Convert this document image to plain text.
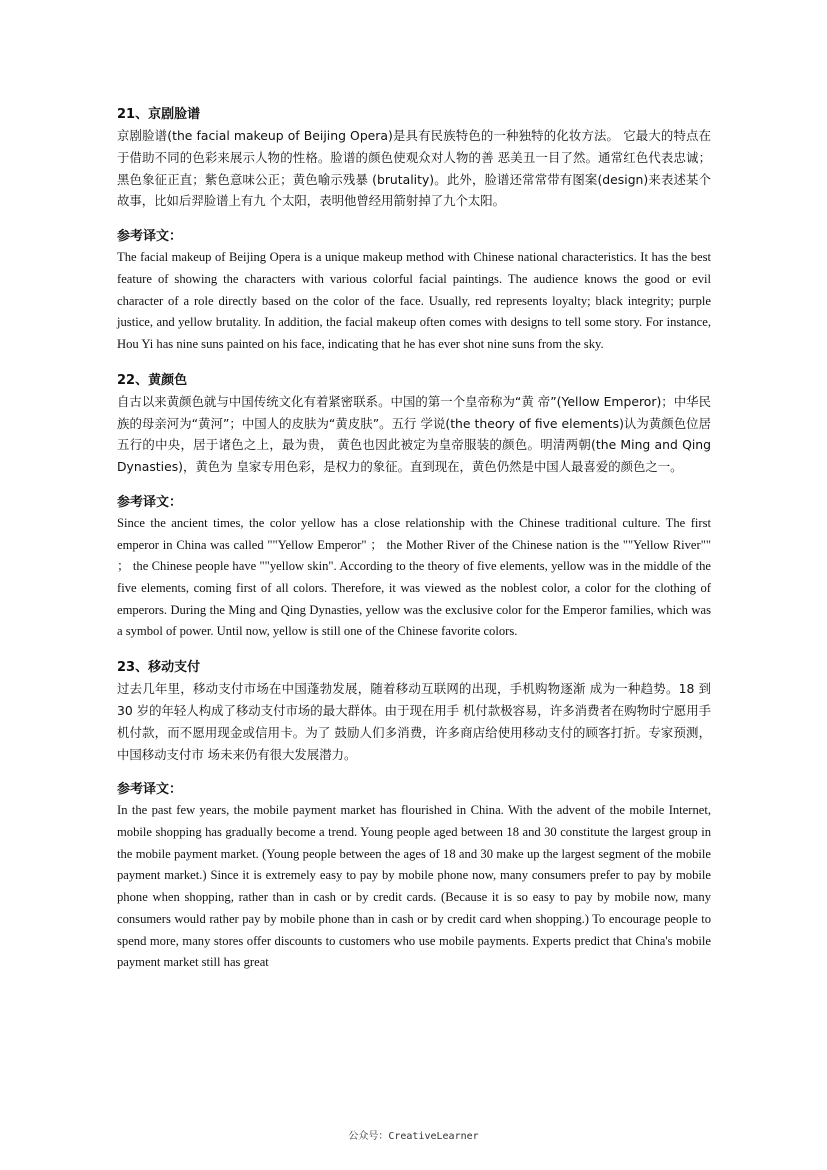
21、京剧脸谱

京剧脸谱(the facial makeup of Beijing Opera)是具有民族特色的一种独特的化妆方法。 它最大的特点在于借助不同的色彩来展示人物的性格。脸谱的颜色使观众对人物的善 恶美丑一目了然。通常红色代表忠诚；黑色象征正直；紫色意味公正；黄色喻示残暴 (brutality)。此外，脸谱还常常带有图案(design)来表述某个故事，比如后羿脸谱上有九 个太阳，表明他曾经用箭射掉了九个太阳。

参考译文：

The facial makeup of Beijing Opera is a unique makeup method with Chinese national characteristics. It has the best feature of showing the characters with various colorful facial paintings. The audience knows the good or evil character of a role directly based on the color of the face. Usually, red represents loyalty; black integrity; purple justice, and yellow brutality. In addition, the facial makeup often comes with designs to tell some story. For instance, Hou Yi has nine suns painted on his face, indicating that he has ever shot nine suns from the sky.

22、黄颜色

自古以来黄颜色就与中国传统文化有着紧密联系。中国的第一个皇帝称为“黄 帝”(Yellow Emperor)；中华民族的母亲河为“黄河”；中国人的皮肤为“黄皮肤”。五行 学说(the theory of five elements)认为黄颜色位居五行的中央，居于诸色之上，最为贵， 黄色也因此被定为皇帝服装的颜色。明清两朝(the Ming and Qing Dynasties)，黄色为 皇家专用色彩，是权力的象征。直到现在，黄色仍然是中国人最喜爱的颜色之一。

参考译文：

Since the ancient times, the color yellow has a close relationship with the Chinese traditional culture. The first emperor in China was called ""Yellow Emperor" ； the Mother River of the Chinese nation is the ""Yellow River"" ； the Chinese people have ""yellow skin". According to the theory of five elements, yellow was in the middle of the five elements, coming first of all colors. Therefore, it was viewed as the noblest color, a color for the clothing of emperors. During the Ming and Qing Dynasties, yellow was the exclusive color for the Emperor families, which was a symbol of power. Until now, yellow is still one of the Chinese favorite colors.

23、移动支付

过去几年里，移动支付市场在中国蓬勃发展，随着移动互联网的出现，手机购物逐渐 成为一种趋势。18 到 30 岁的年轻人构成了移动支付市场的最大群体。由于现在用手 机付款极容易，许多消费者在购物时宁愿用手机付款，而不愿用现金或信用卡。为了 鼓励人们多消费，许多商店给使用移动支付的顾客打折。专家预测，中国移动支付市 场未来仍有很大发展潜力。

参考译文：

In the past few years, the mobile payment market has flourished in China. With the advent of the mobile Internet, mobile shopping has gradually become a trend. Young people aged between 18 and 30 constitute the largest group in the mobile payment market. (Young people between the ages of 18 and 30 make up the largest segment of the mobile payment market.) Since it is extremely easy to pay by mobile phone now, many consumers prefer to pay by mobile phone when shopping, rather than in cash or by credit cards. (Because it is so easy to pay by mobile now, many consumers would rather pay by mobile phone than in cash or by credit card when shopping.) To encourage people to spend more, many stores offer discounts to customers who use mobile payments. Experts predict that China's mobile payment market still has great

公众号：CreativeLearner
